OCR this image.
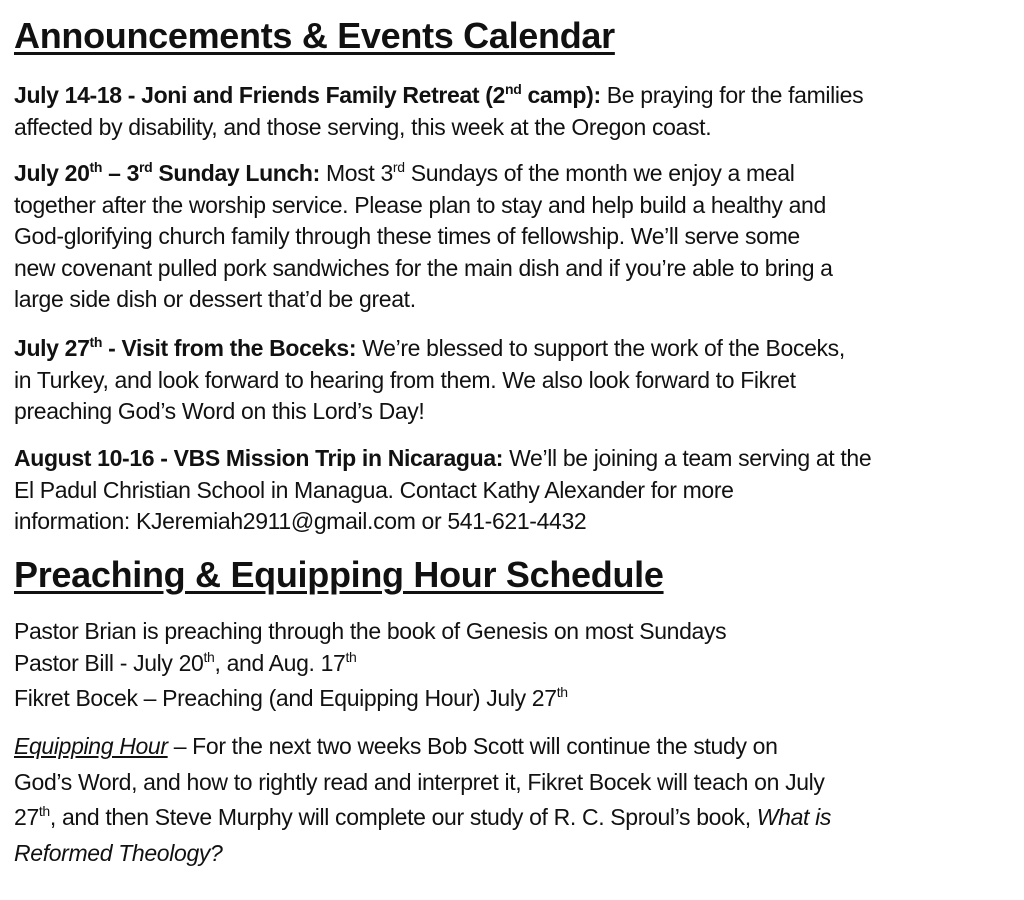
Announcements & Events Calendar
July 14-18 - Joni and Friends Family Retreat (2nd camp): Be praying for the families
affected by disability, and those serving, this week at the Oregon coast.
July 20th – 3rd Sunday Lunch: Most 3rd Sundays of the month we enjoy a meal
together after the worship service. Please plan to stay and help build a healthy and
God-glorifying church family through these times of fellowship. We’ll serve some
new covenant pulled pork sandwiches for the main dish and if you’re able to bring a
large side dish or dessert that’d be great.
July 27th - Visit from the Boceks: We’re blessed to support the work of the Boceks,
in Turkey, and look forward to hearing from them. We also look forward to Fikret
preaching God’s Word on this Lord’s Day!
August 10-16 - VBS Mission Trip in Nicaragua: We’ll be joining a team serving at the
El Padul Christian School in Managua. Contact Kathy Alexander for more
information: KJeremiah2911@gmail.com or 541-621-4432
Preaching & Equipping Hour Schedule
Pastor Brian is preaching through the book of Genesis on most Sundays
Pastor Bill - July 20th, and Aug. 17th
Fikret Bocek – Preaching (and Equipping Hour) July 27th
Equipping Hour – For the next two weeks Bob Scott will continue the study on
God’s Word, and how to rightly read and interpret it, Fikret Bocek will teach on July
27th, and then Steve Murphy will complete our study of R. C. Sproul’s book, What is
Reformed Theology?
